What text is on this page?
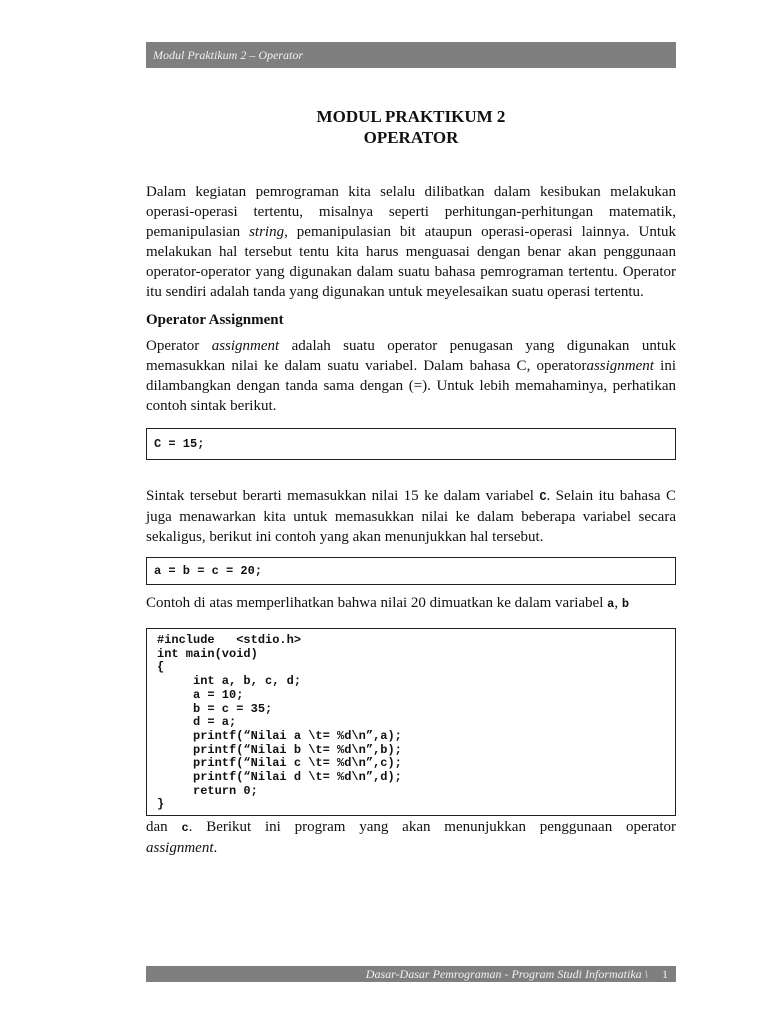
Modul Praktikum 2 – Operator
MODUL PRAKTIKUM 2
OPERATOR

Dalam kegiatan pemrograman kita selalu dilibatkan dalam kesibukan melakukan operasi-operasi tertentu, misalnya seperti perhitungan-perhitungan matematik, pemanipulasian string, pemanipulasian bit ataupun operasi-operasi lainnya. Untuk melakukan hal tersebut tentu kita harus menguasai dengan benar akan penggunaan operator-operator yang digunakan dalam suatu bahasa pemrograman tertentu. Operator itu sendiri adalah tanda yang digunakan untuk meyelesaikan suatu operasi tertentu.

Operator Assignment

Operator assignment adalah suatu operator penugasan yang digunakan untuk memasukkan nilai ke dalam suatu variabel. Dalam bahasa C, operatorassignment ini dilambangkan dengan tanda sama dengan (=). Untuk lebih memahaminya, perhatikan contoh sintak berikut.

C = 15;

Sintak tersebut berarti memasukkan nilai 15 ke dalam variabel C. Selain itu bahasa C juga menawarkan kita untuk memasukkan nilai ke dalam beberapa variabel secara sekaligus, berikut ini contoh yang akan menunjukkan hal tersebut.

a = b = c = 20;

Contoh di atas memperlihatkan bahwa nilai 20 dimuatkan ke dalam variabel a, b

#include   <stdio.h>
int main(void)
{
int a, b, c, d;
a = 10;
b = c = 35;
d = a;
printf(“Nilai a \t= %d\n”,a);
printf(“Nilai b \t= %d\n”,b);
printf(“Nilai c \t= %d\n”,c);
printf(“Nilai d \t= %d\n”,d);
return 0;
}

dan c. Berikut ini program yang akan menunjukkan penggunaan operator

assignment.

Dasar-Dasar Pemrograman - Program Studi Informatika \ 1
